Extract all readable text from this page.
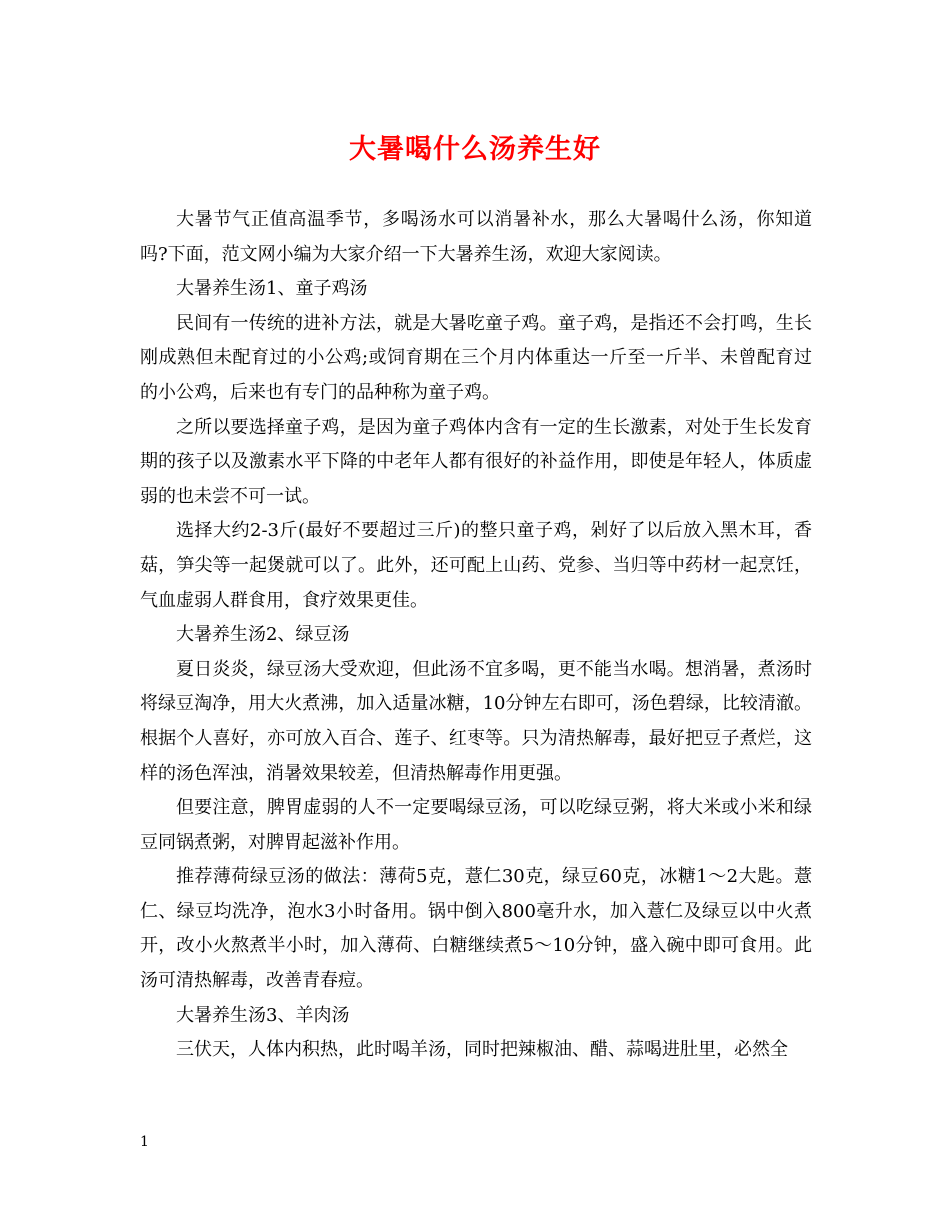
大暑喝什么汤养生好

大暑节气正值高温季节，多喝汤水可以消暑补水，那么大暑喝什么汤，你知道吗?下面，范文网小编为大家介绍一下大暑养生汤，欢迎大家阅读。

大暑养生汤1、童子鸡汤

民间有一传统的进补方法，就是大暑吃童子鸡。童子鸡，是指还不会打鸣，生长刚成熟但未配育过的小公鸡;或饲育期在三个月内体重达一斤至一斤半、未曾配育过的小公鸡，后来也有专门的品种称为童子鸡。

之所以要选择童子鸡，是因为童子鸡体内含有一定的生长激素，对处于生长发育期的孩子以及激素水平下降的中老年人都有很好的补益作用，即使是年轻人，体质虚弱的也未尝不可一试。

选择大约2-3斤(最好不要超过三斤)的整只童子鸡，剁好了以后放入黑木耳，香菇，笋尖等一起煲就可以了。此外，还可配上山药、党参、当归等中药材一起烹饪，气血虚弱人群食用，食疗效果更佳。

大暑养生汤2、绿豆汤

夏日炎炎，绿豆汤大受欢迎，但此汤不宜多喝，更不能当水喝。想消暑，煮汤时将绿豆淘净，用大火煮沸，加入适量冰糖，10分钟左右即可，汤色碧绿，比较清澈。根据个人喜好，亦可放入百合、莲子、红枣等。只为清热解毒，最好把豆子煮烂，这样的汤色浑浊，消暑效果较差，但清热解毒作用更强。

但要注意，脾胃虚弱的人不一定要喝绿豆汤，可以吃绿豆粥，将大米或小米和绿豆同锅煮粥，对脾胃起滋补作用。

推荐薄荷绿豆汤的做法：薄荷5克，薏仁30克，绿豆60克，冰糖1～2大匙。薏仁、绿豆均洗净，泡水3小时备用。锅中倒入800毫升水，加入薏仁及绿豆以中火煮开，改小火熬煮半小时，加入薄荷、白糖继续煮5～10分钟，盛入碗中即可食用。此汤可清热解毒，改善青春痘。

大暑养生汤3、羊肉汤

三伏天，人体内积热，此时喝羊汤，同时把辣椒油、醋、蒜喝进肚里，必然全

1
